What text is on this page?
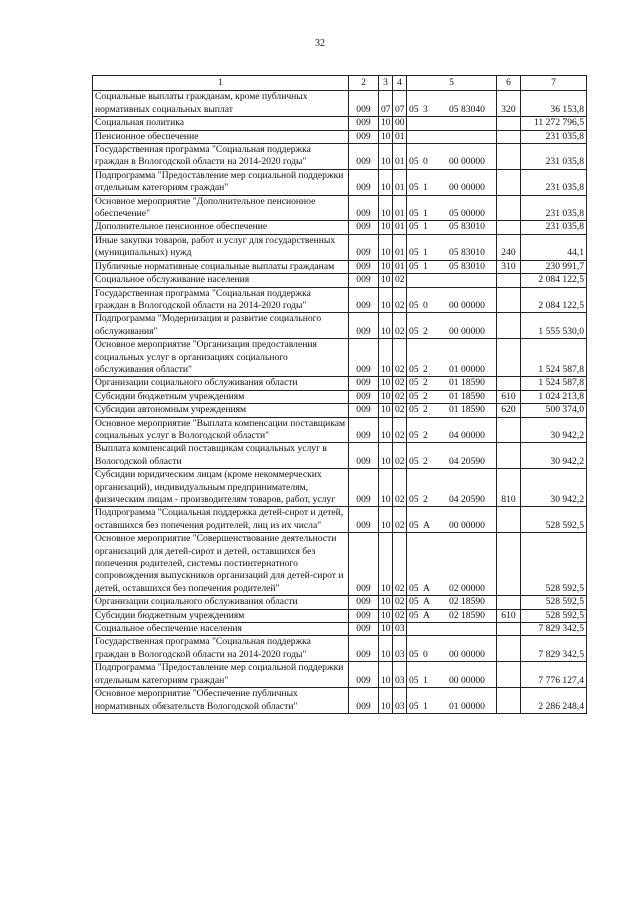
32
1	2	3	4	5	6	7
Социальные выплаты гражданам, кроме публичных нормативных социальных выплат	009	07	07	05 3 05 83040	320	36 153,8
Социальная политика	009	10	00			11 272 796,5
Пенсионное обеспечение	009	10	01			231 035,8
Государственная программа "Социальная поддержка граждан в Вологодской области на 2014-2020 годы"	009	10	01	05 0 00 00000		231 035,8
Подпрограмма "Предоставление мер социальной поддержки отдельным категориям граждан"	009	10	01	05 1 00 00000		231 035,8
Основное мероприятие "Дополнительное пенсионное обеспечение"	009	10	01	05 1 05 00000		231 035,8
Дополнительное пенсионное обеспечение	009	10	01	05 1 05 83010		231 035,8
Иные закупки товаров, работ и услуг для государственных (муниципальных) нужд	009	10	01	05 1 05 83010	240	44,1
Публичные нормативные социальные выплаты гражданам	009	10	01	05 1 05 83010	310	230 991,7
Социальное обслуживание населения	009	10	02			2 084 122,5
Государственная программа "Социальная поддержка граждан в Вологодской области на 2014-2020 годы"	009	10	02	05 0 00 00000		2 084 122,5
Подпрограмма "Модернизация и развитие социального обслуживания"	009	10	02	05 2 00 00000		1 555 530,0
Основное мероприятие "Организация предоставления социальных услуг в организациях социального обслуживания области"	009	10	02	05 2 01 00000		1 524 587,8
Организации социального обслуживания области	009	10	02	05 2 01 18590		1 524 587,8
Субсидии бюджетным учреждениям	009	10	02	05 2 01 18590	610	1 024 213,8
Субсидии автономным учреждениям	009	10	02	05 2 01 18590	620	500 374,0
Основное мероприятие "Выплата компенсации поставщикам социальных услуг в Вологодской области"	009	10	02	05 2 04 00000		30 942,2
Выплата компенсаций поставщикам социальных услуг в Вологодской области	009	10	02	05 2 04 20590		30 942,2
Субсидии юридическим лицам (кроме некоммерческих организаций), индивидуальным предпринимателям, физическим лицам - производителям товаров, работ, услуг	009	10	02	05 2 04 20590	810	30 942,2
Подпрограмма "Социальная поддержка детей-сирот и детей, оставшихся без попечения родителей, лиц из их числа"	009	10	02	05 А 00 00000		528 592,5
Основное мероприятие "Совершенствование деятельности организаций для детей-сирот и детей, оставшихся без попечения родителей, системы постинтернатного сопровождения выпускников организаций для детей-сирот и детей, оставшихся без попечения родителей"	009	10	02	05 А 02 00000		528 592,5
Организации социального обслуживания области	009	10	02	05 А 02 18590		528 592,5
Субсидии бюджетным учреждениям	009	10	02	05 А 02 18590	610	528 592,5
Социальное обеспечение населения	009	10	03			7 829 342,5
Государственная программа "Социальная поддержка граждан в Вологодской области на 2014-2020 годы"	009	10	03	05 0 00 00000		7 829 342,5
Подпрограмма "Предоставление мер социальной поддержки отдельным категориям граждан"	009	10	03	05 1 00 00000		7 776 127,4
Основное мероприятие "Обеспечение публичных нормативных обязательств Вологодской области"	009	10	03	05 1 01 00000		2 286 248,4
